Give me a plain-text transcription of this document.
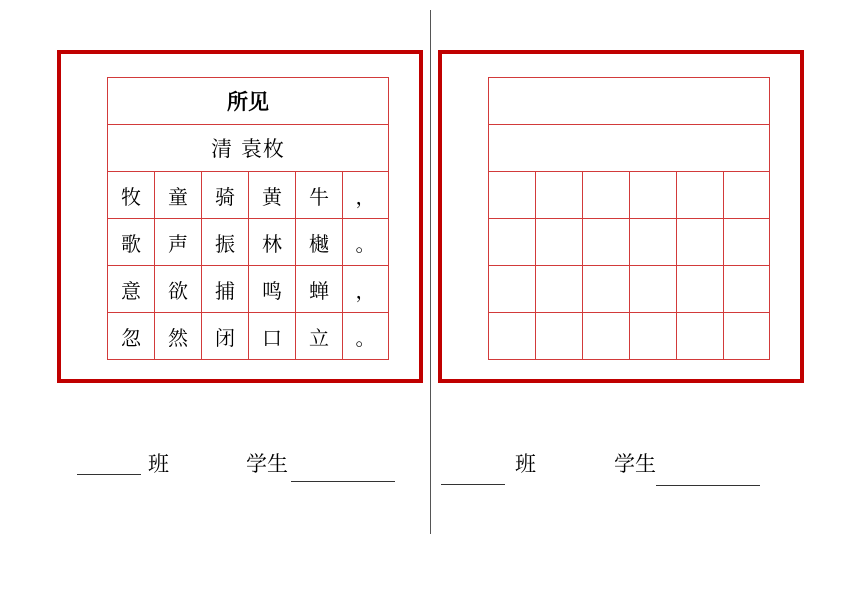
所见
清 袁枚
牧	童	骑	黄	牛	，
歌	声	振	林	樾	。
意	欲	捕	鸣	蝉	，
忽	然	闭	口	立	。
班	学生	班	学生
